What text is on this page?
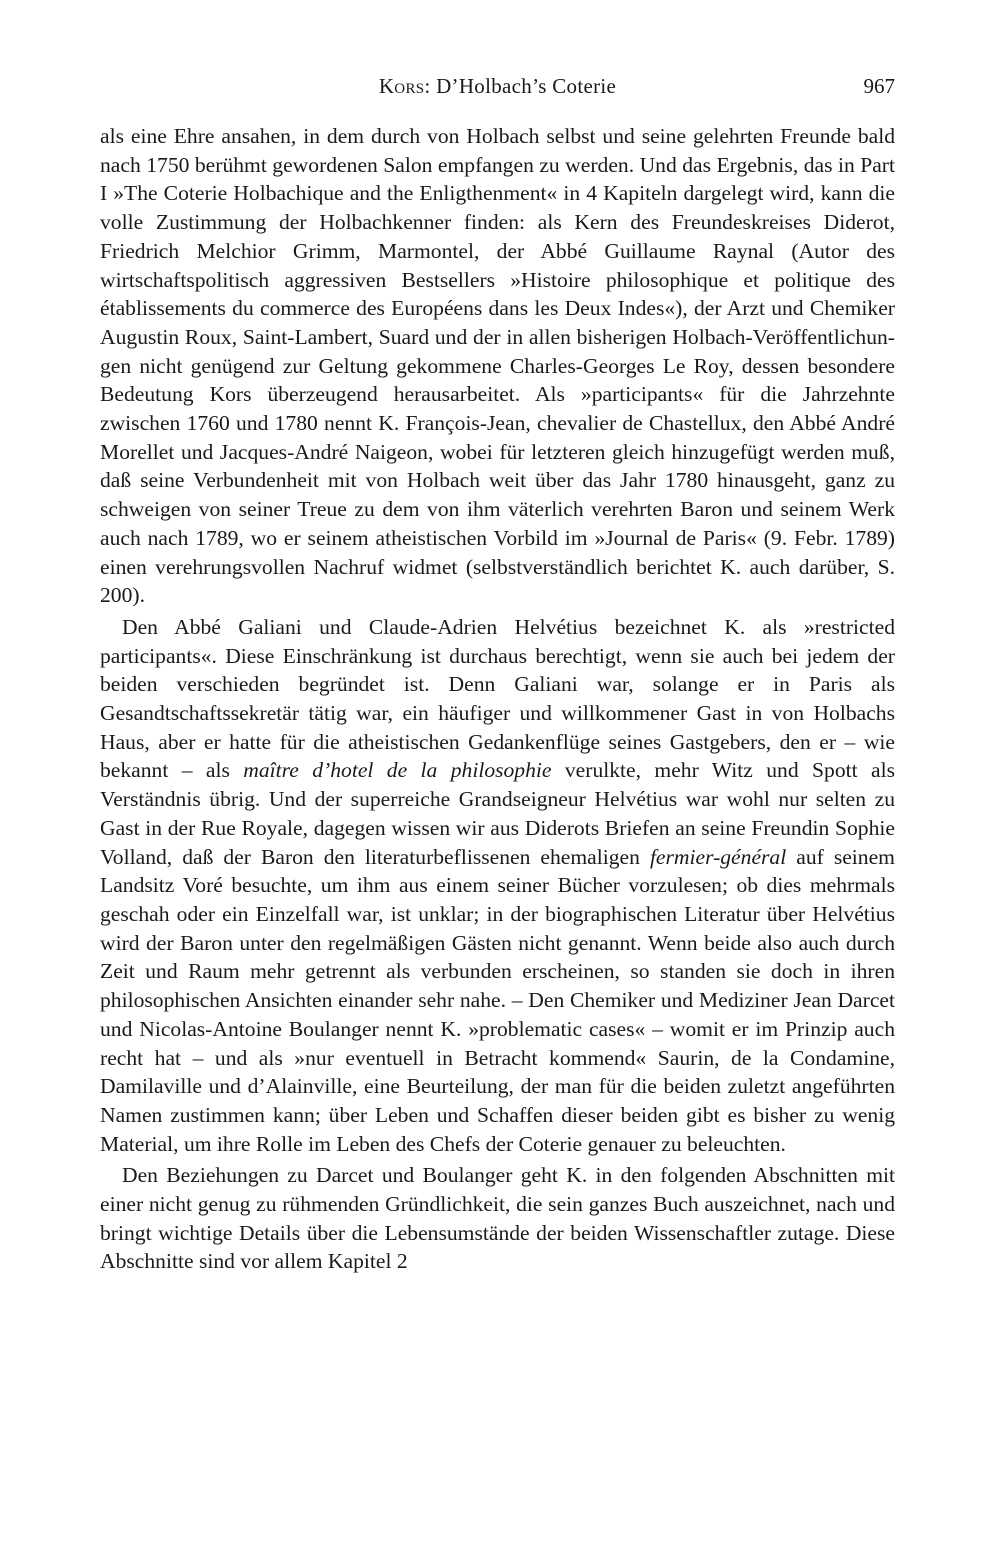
Kors: D’Holbach’s Coterie	967

als eine Ehre ansahen, in dem durch von Holbach selbst und seine gelehrten Freunde bald nach 1750 berühmt gewordenen Salon empfangen zu werden. Und das Ergebnis, das in Part I »The Coterie Holbachique and the Enligthenment« in 4 Kapiteln dargelegt wird, kann die volle Zustimmung der Holbachkenner finden: als Kern des Freundeskreises Diderot, Friedrich Melchior Grimm, Marmontel, der Abbé Guillaume Raynal (Autor des wirtschaftspolitisch aggressiven Bestsellers »Histoire philosophique et politique des établissements du commerce des Européens dans les Deux Indes«), der Arzt und Chemiker Augustin Roux, Saint-Lambert, Suard und der in allen bisherigen Holbach-Veröffentlichungen nicht genügend zur Geltung gekommene Charles-Georges Le Roy, dessen besondere Bedeutung Kors überzeugend herausarbeitet. Als »participants« für die Jahrzehnte zwischen 1760 und 1780 nennt K. François-Jean, chevalier de Chastellux, den Abbé André Morellet und Jacques-André Naigeon, wobei für letzteren gleich hinzugefügt werden muß, daß seine Verbundenheit mit von Holbach weit über das Jahr 1780 hinausgeht, ganz zu schweigen von seiner Treue zu dem von ihm väterlich verehrten Baron und seinem Werk auch nach 1789, wo er seinem atheistischen Vorbild im »Journal de Paris« (9. Febr. 1789) einen verehrungsvollen Nachruf widmet (selbstverständlich berichtet K. auch darüber, S. 200).

Den Abbé Galiani und Claude-Adrien Helvétius bezeichnet K. als »restricted participants«. Diese Einschränkung ist durchaus berechtigt, wenn sie auch bei jedem der beiden verschieden begründet ist. Denn Galiani war, solange er in Paris als Gesandtschaftssekretär tätig war, ein häufiger und willkommener Gast in von Holbachs Haus, aber er hatte für die atheistischen Gedankenflüge seines Gastgebers, den er – wie bekannt – als maître d’hotel de la philosophie verulkte, mehr Witz und Spott als Verständnis übrig. Und der superreiche Grandseigneur Helvétius war wohl nur selten zu Gast in der Rue Royale, dagegen wissen wir aus Diderots Briefen an seine Freundin Sophie Volland, daß der Baron den literaturbeflissenen ehemaligen fermier-général auf seinem Landsitz Voré besuchte, um ihm aus einem seiner Bücher vorzulesen; ob dies mehrmals geschah oder ein Einzelfall war, ist unklar; in der biographischen Literatur über Helvétius wird der Baron unter den regelmäßigen Gästen nicht genannt. Wenn beide also auch durch Zeit und Raum mehr getrennt als verbunden erscheinen, so standen sie doch in ihren philosophischen Ansichten einander sehr nahe. – Den Chemiker und Mediziner Jean Darcet und Nicolas-Antoine Boulanger nennt K. »problematic cases« – womit er im Prinzip auch recht hat – und als »nur eventuell in Betracht kommend« Saurin, de la Condamine, Damilaville und d’Alainville, eine Beurteilung, der man für die beiden zuletzt angeführten Namen zustimmen kann; über Leben und Schaffen dieser beiden gibt es bisher zu wenig Material, um ihre Rolle im Leben des Chefs der Coterie genauer zu beleuchten.

Den Beziehungen zu Darcet und Boulanger geht K. in den folgenden Abschnitten mit einer nicht genug zu rühmenden Gründlichkeit, die sein ganzes Buch auszeichnet, nach und bringt wichtige Details über die Lebensumstände der beiden Wissenschaftler zutage. Diese Abschnitte sind vor allem Kapitel 2
